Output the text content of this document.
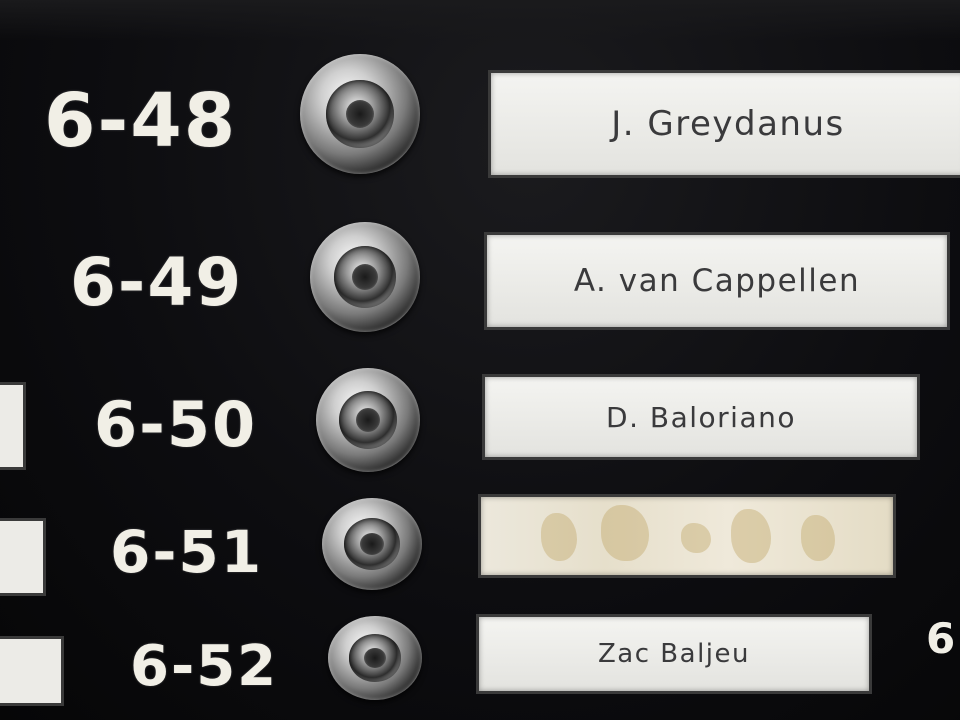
6-48	J. Greydanus
6-49	A. van Cappellen
6-50	D. Baloriano
6-51
6-52	Zac Baljeu	6
